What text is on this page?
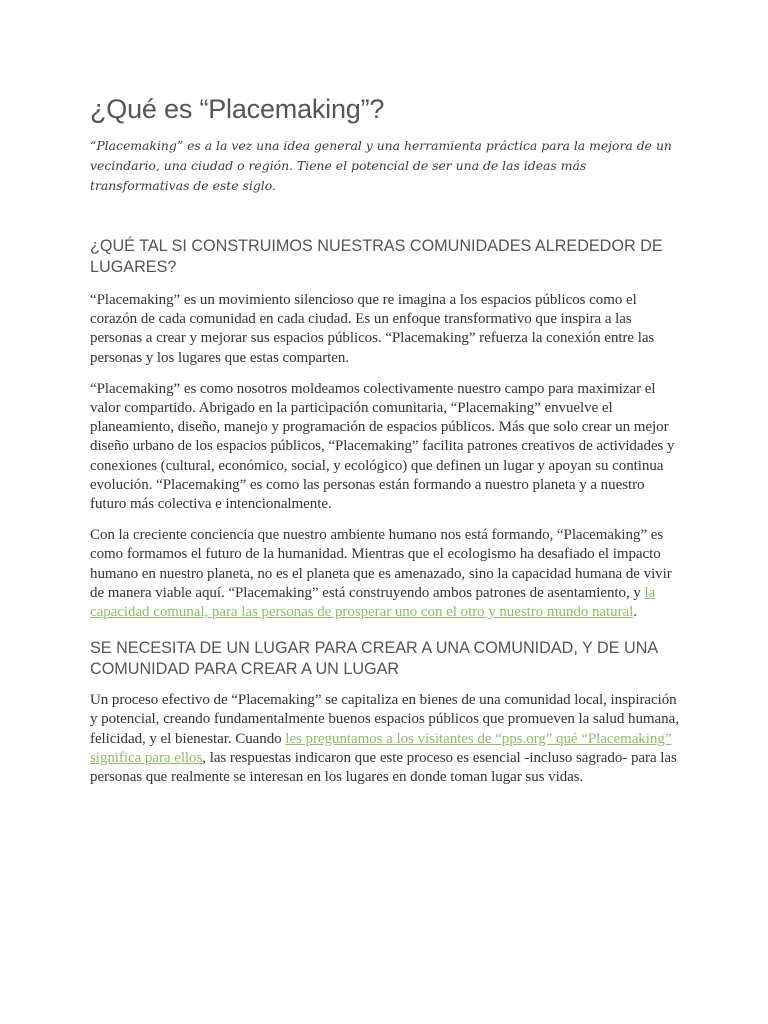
¿Qué es “Placemaking”?

“Placemaking” es a la vez una idea general y una herramienta práctica para la mejora de un vecindario, una ciudad o región. Tiene el potencial de ser una de las ideas más transformativas de este siglo.

¿QUÉ TAL SI CONSTRUIMOS NUESTRAS COMUNIDADES ALREDEDOR DE LUGARES?

“Placemaking” es un movimiento silencioso que re imagina a los espacios públicos como el corazón de cada comunidad en cada ciudad. Es un enfoque transformativo que inspira a las personas a crear y mejorar sus espacios públicos. “Placemaking” refuerza la conexión entre las personas y los lugares que estas comparten.

“Placemaking” es como nosotros moldeamos colectivamente nuestro campo para maximizar el valor compartido. Abrigado en la participación comunitaria, “Placemaking” envuelve el planeamiento, diseño, manejo y programación de espacios públicos. Más que solo crear un mejor diseño urbano de los espacios públicos, “Placemaking” facilita patrones creativos de actividades y conexiones (cultural, económico, social, y ecológico) que definen un lugar y apoyan su continua evolución. “Placemaking” es como las personas están formando a nuestro planeta y a nuestro futuro más colectiva e intencionalmente.

Con la creciente conciencia que nuestro ambiente humano nos está formando, “Placemaking” es como formamos el futuro de la humanidad. Mientras que el ecologismo ha desafiado el impacto humano en nuestro planeta, no es el planeta que es amenazado, sino la capacidad humana de vivir de manera viable aquí. “Placemaking” está construyendo ambos patrones de asentamiento, y la capacidad comunal, para las personas de prosperar uno con el otro y nuestro mundo natural.

SE NECESITA DE UN LUGAR PARA CREAR A UNA COMUNIDAD, Y DE UNA COMUNIDAD PARA CREAR A UN LUGAR

Un proceso efectivo de “Placemaking” se capitaliza en bienes de una comunidad local, inspiración y potencial, creando fundamentalmente buenos espacios públicos que promueven la salud humana, felicidad, y el bienestar. Cuando les preguntamos a los visitantes de “pps.org” qué “Placemaking” significa para ellos, las respuestas indicaron que este proceso es esencial -incluso sagrado- para las personas que realmente se interesan en los lugares en donde toman lugar sus vidas.
